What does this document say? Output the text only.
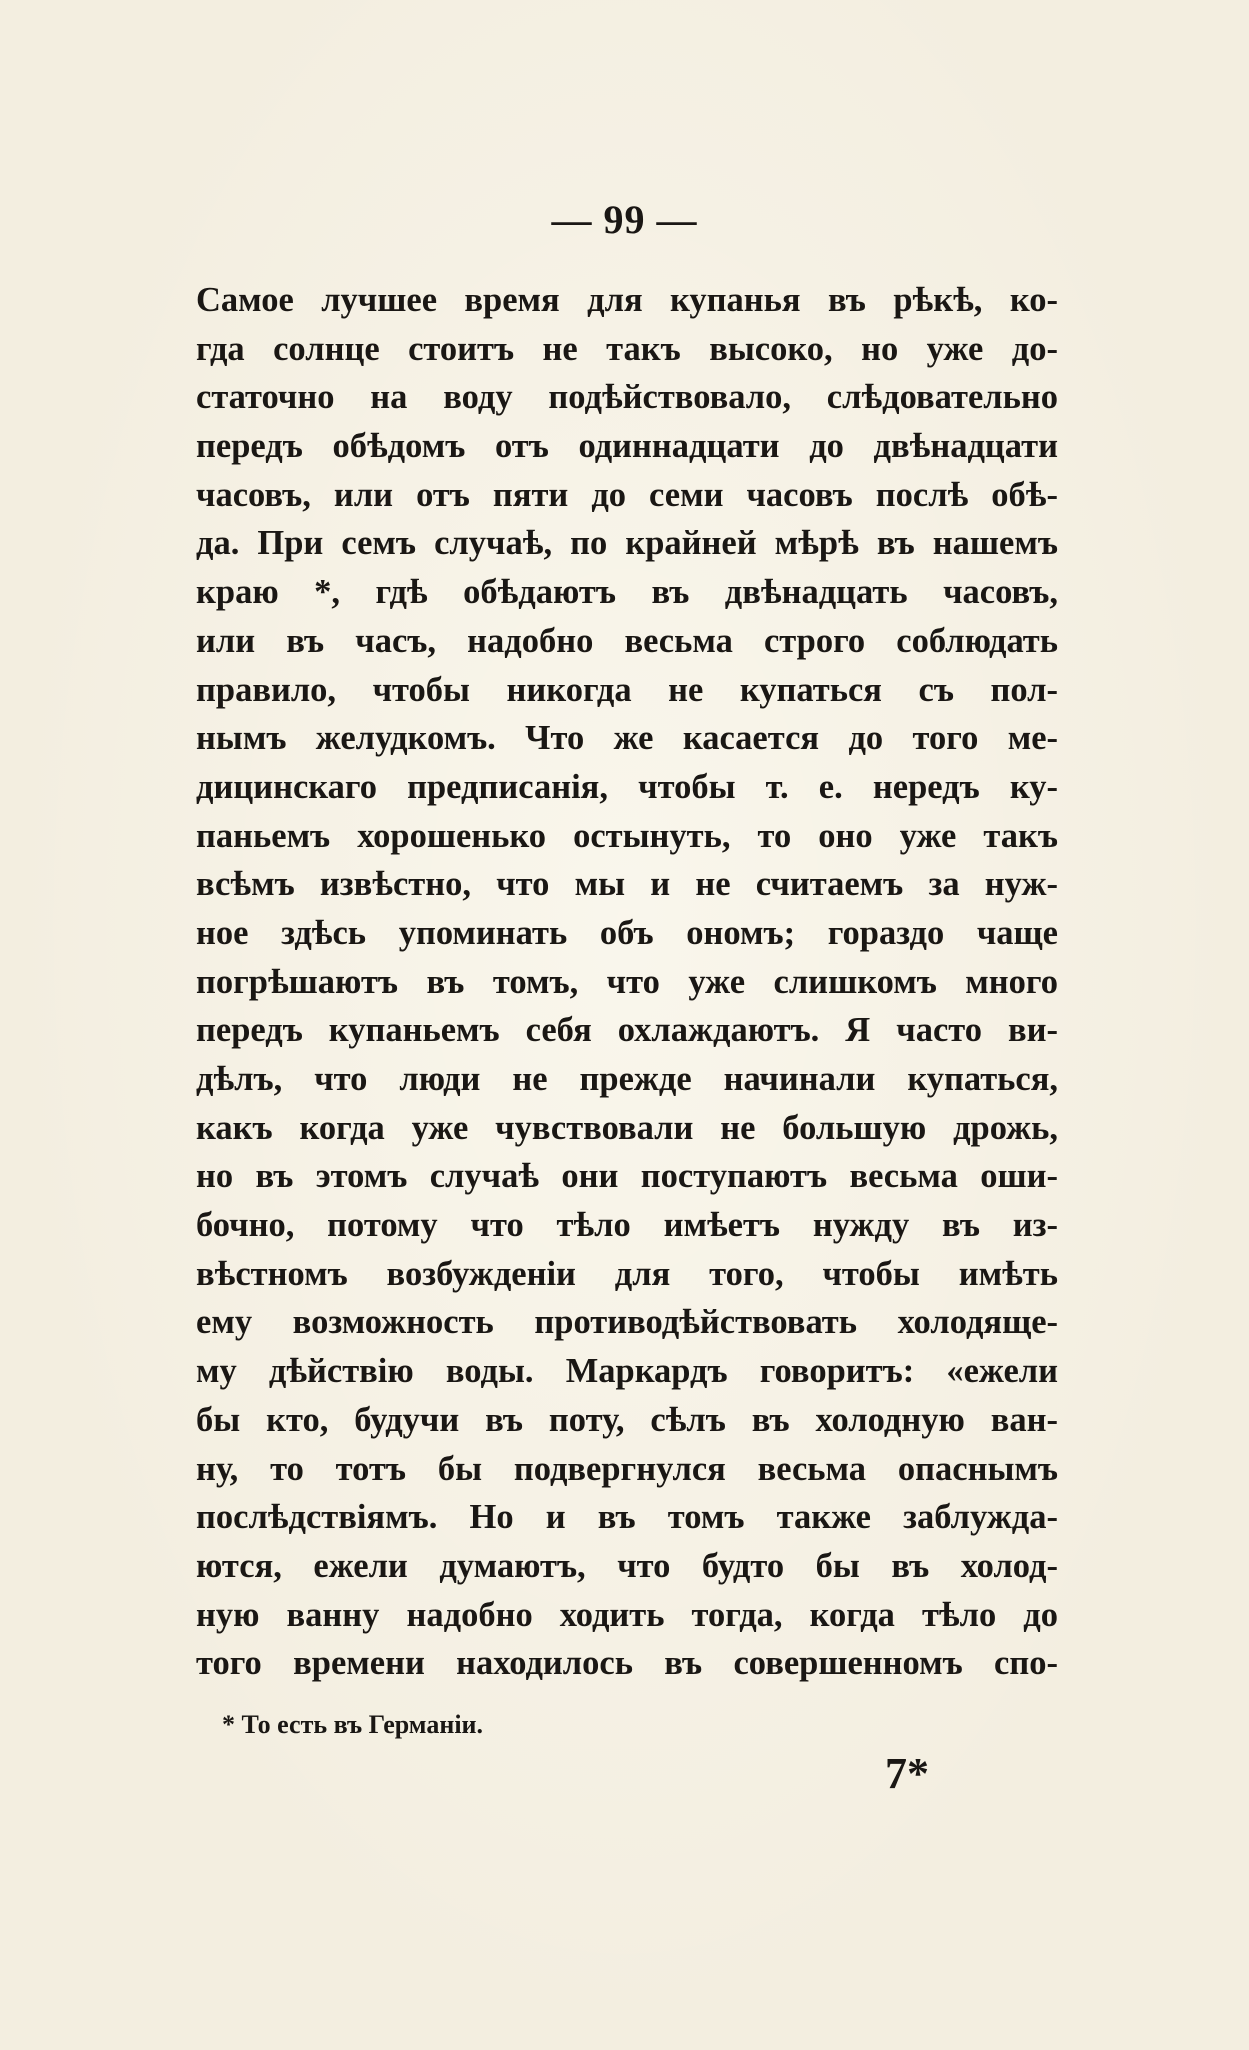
— 99 —
Самое лучшее время для купанья въ рѣкѣ, ко-
гда солнце стоитъ не такъ высоко, но уже до-
статочно на воду подѣйствовало, слѣдовательно
передъ обѣдомъ отъ одиннадцати до двѣнадцати
часовъ, или отъ пяти до семи часовъ послѣ обѣ-
да. При семъ случаѣ, по крайней мѣрѣ въ нашемъ
краю *, гдѣ обѣдаютъ въ двѣнадцать часовъ,
или въ часъ, надобно весьма строго соблюдать
правило, чтобы никогда не купаться съ пол-
нымъ желудкомъ. Что же касается до того ме-
дицинскаго предписанія, чтобы т. е. нередъ ку-
паньемъ хорошенько остынуть, то оно уже такъ
всѣмъ извѣстно, что мы и не считаемъ за нуж-
ное здѣсь упоминать объ ономъ; гораздо чаще
погрѣшаютъ въ томъ, что уже слишкомъ много
передъ купаньемъ себя охлаждаютъ. Я часто ви-
дѣлъ, что люди не прежде начинали купаться,
какъ когда уже чувствовали не большую дрожь,
но въ этомъ случаѣ они поступаютъ весьма оши-
бочно, потому что тѣло имѣетъ нужду въ из-
вѣстномъ возбужденіи для того, чтобы имѣть
ему возможность противодѣйствовать холодяще-
му дѣйствію воды. Маркардъ говоритъ: «ежели
бы кто, будучи въ поту, сѣлъ въ холодную ван-
ну, то тотъ бы подвергнулся весьма опаснымъ
послѣдствіямъ. Но и въ томъ также заблужда-
ются, ежели думаютъ, что будто бы въ холод-
ную ванну надобно ходить тогда, когда тѣло до
того времени находилось въ совершенномъ спо-
* То есть въ Германіи.
7*
